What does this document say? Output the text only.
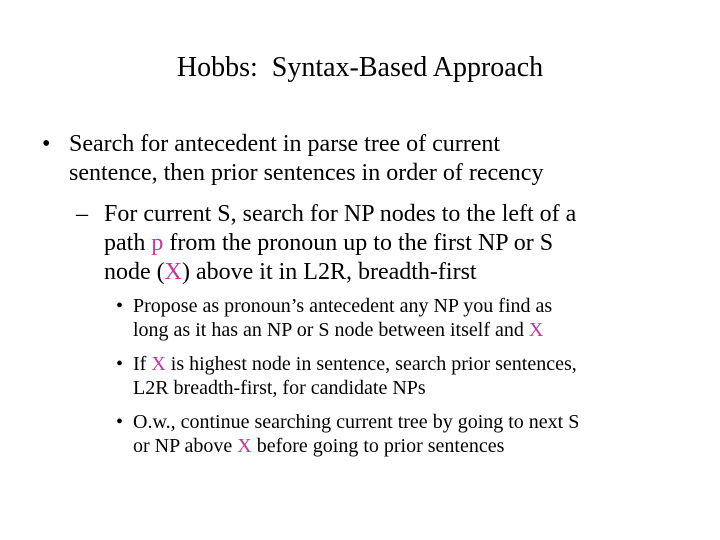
Hobbs:  Syntax-Based Approach
• Search for antecedent in parse tree of current
sentence, then prior sentences in order of recency
– For current S, search for NP nodes to the left of a
path p from the pronoun up to the first NP or S
node (X) above it in L2R, breadth-first
• Propose as pronoun’s antecedent any NP you find as
long as it has an NP or S node between itself and X
• If X is highest node in sentence, search prior sentences,
L2R breadth-first, for candidate NPs
• O.w., continue searching current tree by going to next S
or NP above X before going to prior sentences
